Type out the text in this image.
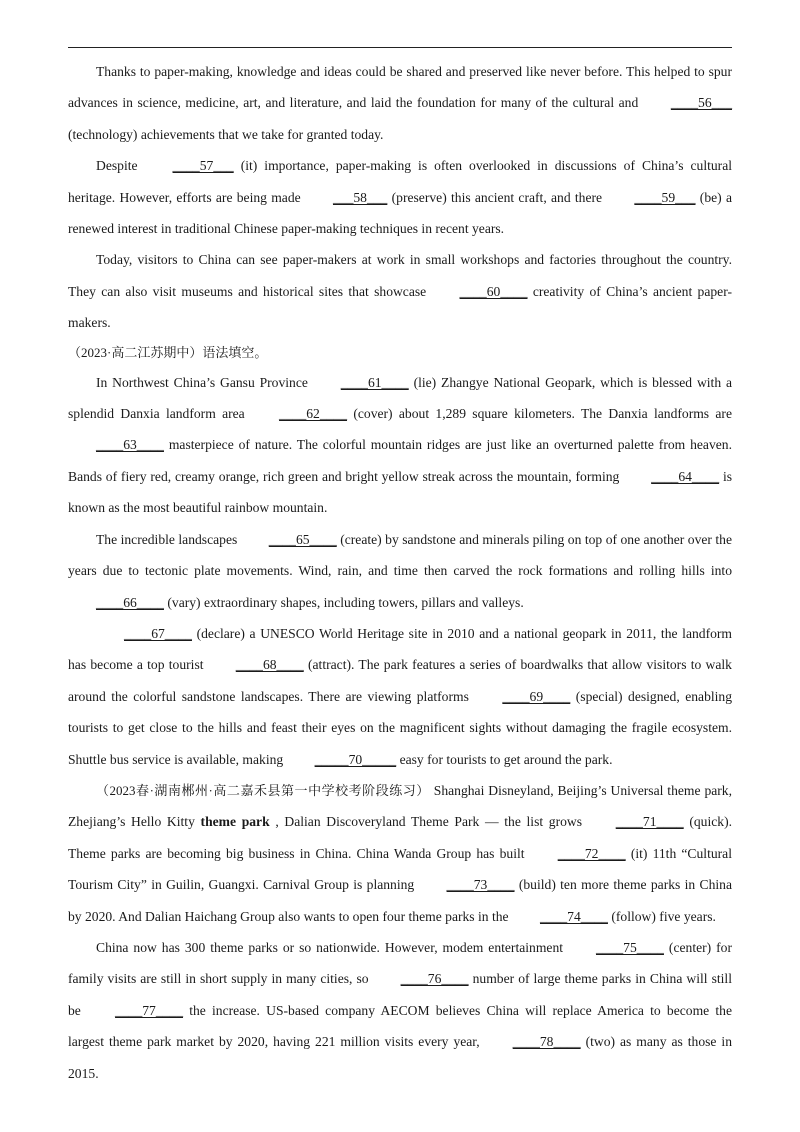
Thanks to paper-making, knowledge and ideas could be shared and preserved like never before. This helped to spur advances in science, medicine, art, and literature, and laid the foundation for many of the cultural and ____56___ (technology) achievements that we take for granted today.

Despite	____57___ (it) importance, paper-making is often overlooked in discussions of China’s cultural heritage. However, efforts are being made ___58___ (preserve) this ancient craft, and there ____59___ (be) a renewed interest in traditional Chinese paper-making techniques in recent years.

Today, visitors to China can see paper-makers at work in small workshops and factories throughout the country. They can also visit museums and historical sites that showcase ____60____ creativity of China’s ancient paper-makers.

（2023·高二江苏期中）语法填空。

In Northwest China’s Gansu Province ____61____ (lie) Zhangye National Geopark, which is blessed with a splendid Danxia landform area	____62____ (cover) about 1,289 square kilometers. The Danxia landforms are ____63____ masterpiece of nature. The colorful mountain ridges are just like an overturned palette from heaven. Bands of fiery red, creamy orange, rich green and bright yellow streak across the mountain, forming ____64____ is known as the most beautiful rainbow mountain.

The incredible landscapes ____65____ (create) by sandstone and minerals piling on top of one another over the years due to tectonic plate movements. Wind, rain, and time then carved the rock formations and rolling hills into ____66____ (vary) extraordinary shapes, including towers, pillars and valleys.

____67____ (declare) a UNESCO World Heritage site in 2010 and a national geopark in 2011, the landform has become a top tourist ____68____ (attract). The park features a series of boardwalks that allow visitors to walk around the colorful sandstone landscapes. There are viewing platforms ____69____ (special) designed, enabling tourists to get close to the hills and feast their eyes on the magnificent sights without damaging the fragile ecosystem. Shuttle bus service is available, making _____70_____ easy for tourists to get around the park.

（2023春·湖南郴州·高二嘉禾县第一中学校考阶段练习） Shanghai Disneyland, Beijing’s Universal theme park, Zhejiang’s Hello Kitty theme park , Dalian Discoveryland Theme Park — the list grows ____71____ (quick). Theme parks are becoming big business in China. China Wanda Group has built ____72____ (it) 11th “Cultural Tourism City” in Guilin, Guangxi. Carnival Group is planning ____73____ (build) ten more theme parks in China by 2020. And Dalian Haichang Group also wants to open four theme parks in the ____74____ (follow) five years.

China now has 300 theme parks or so nationwide. However, modem entertainment ____75____ (center) for family visits are still in short supply in many cities, so ____76____ number of large theme parks in China will still be	____77____ the increase. US-based company AECOM believes China will replace America to become the largest theme park market by 2020, having 221 million visits every year, ____78____ (two) as many as those in 2015.
